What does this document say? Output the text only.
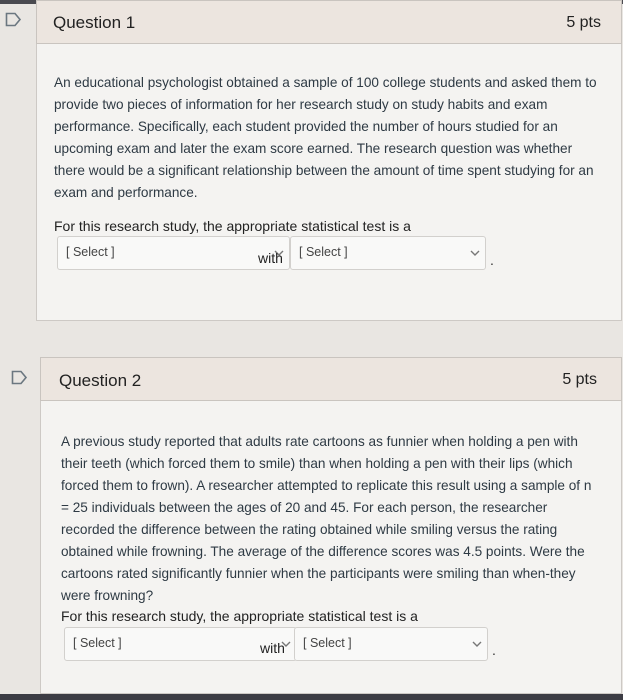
Question 1	5 pts
An educational psychologist obtained a sample of 100 college students and asked them to provide two pieces of information for her research study on study habits and exam performance. Specifically, each student provided the number of hours studied for an upcoming exam and later the exam score earned. The research question was whether there would be a significant relationship between the amount of time spent studying for an exam and performance.
For this research study, the appropriate statistical test is a
[ Select ]	with [ Select ]	.
Question 2	5 pts
A previous study reported that adults rate cartoons as funnier when holding a pen with their teeth (which forced them to smile) than when holding a pen with their lips (which forced them to frown). A researcher attempted to replicate this result using a sample of n = 25 individuals between the ages of 20 and 45. For each person, the researcher recorded the difference between the rating obtained while smiling versus the rating obtained while frowning. The average of the difference scores was 4.5 points. Were the cartoons rated significantly funnier when the participants were smiling than when-they were frowning?
For this research study, the appropriate statistical test is a
[ Select ]	with [ Select ]	.
